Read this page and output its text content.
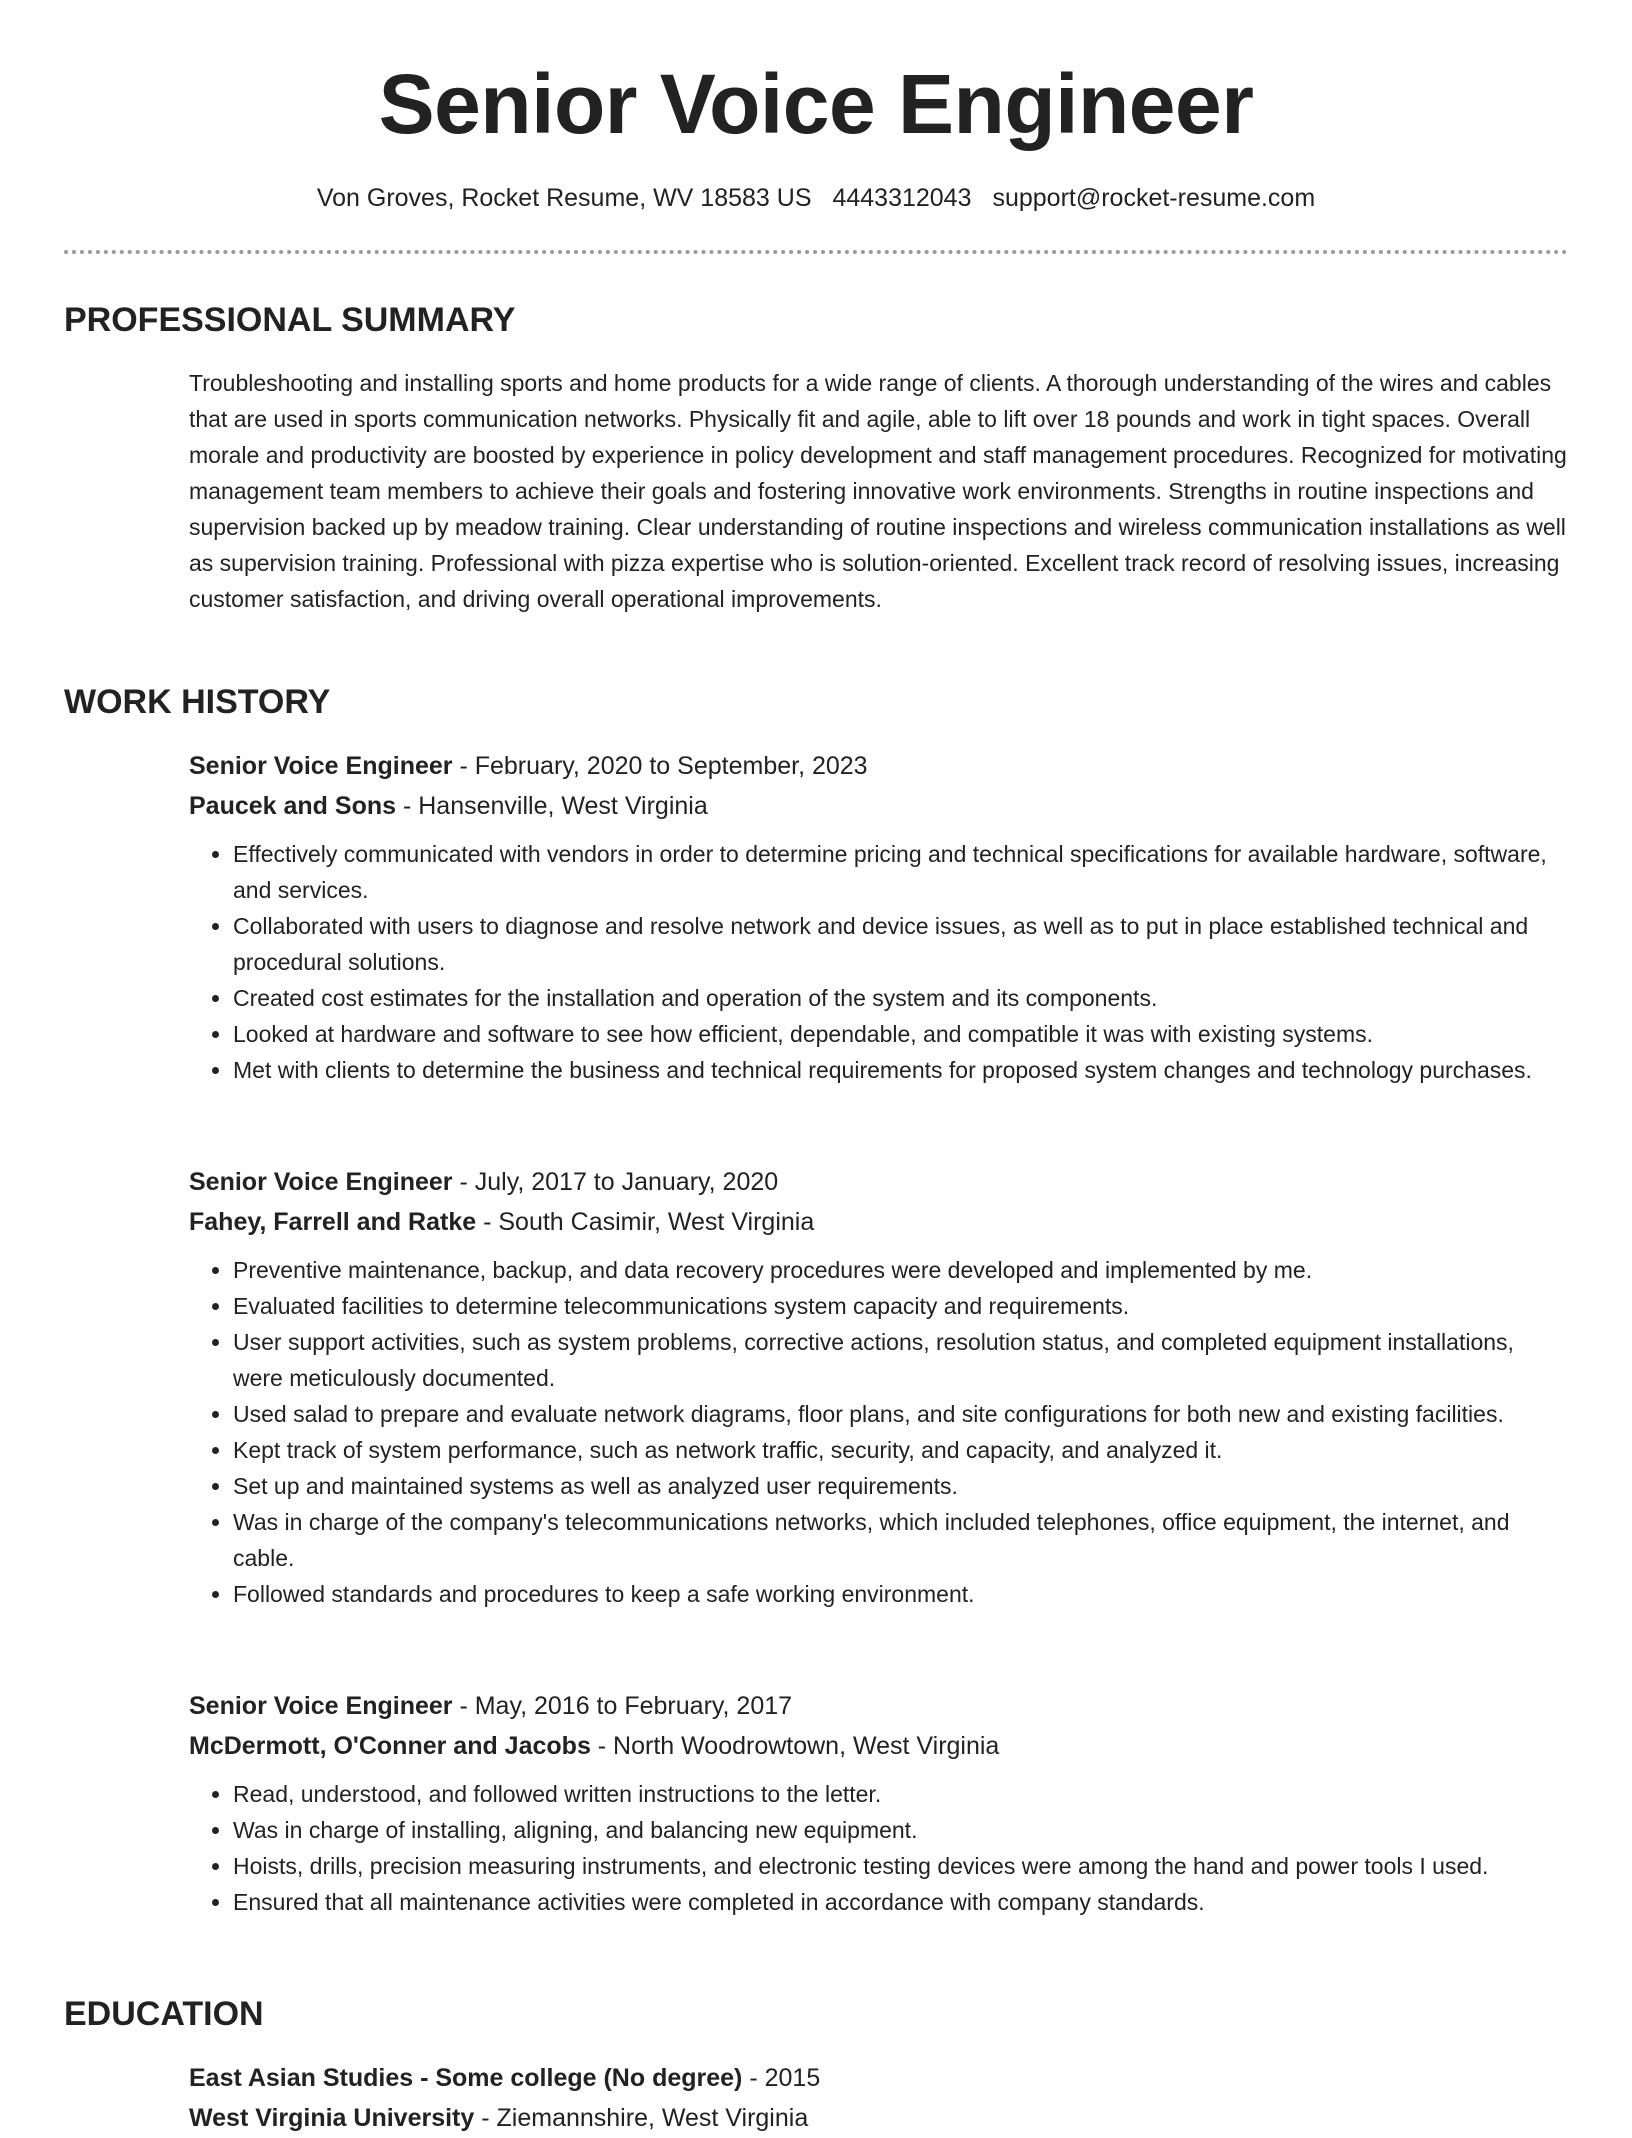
Senior Voice Engineer
Von Groves, Rocket Resume, WV 18583 US 4443312043 support@rocket-resume.com
PROFESSIONAL SUMMARY

Troubleshooting and installing sports and home products for a wide range of clients. A thorough understanding of the wires and cables that are used in sports communication networks. Physically fit and agile, able to lift over 18 pounds and work in tight spaces. Overall morale and productivity are boosted by experience in policy development and staff management procedures. Recognized for motivating management team members to achieve their goals and fostering innovative work environments. Strengths in routine inspections and supervision backed up by meadow training. Clear understanding of routine inspections and wireless communication installations as well as supervision training. Professional with pizza expertise who is solution-oriented. Excellent track record of resolving issues, increasing customer satisfaction, and driving overall operational improvements.

WORK HISTORY

Senior Voice Engineer - February, 2020 to September, 2023

Paucek and Sons - Hansenville, West Virginia

• Effectively communicated with vendors in order to determine pricing and technical specifications for available hardware, software, and services.
• Collaborated with users to diagnose and resolve network and device issues, as well as to put in place established technical and procedural solutions.
• Created cost estimates for the installation and operation of the system and its components.
• Looked at hardware and software to see how efficient, dependable, and compatible it was with existing systems.
• Met with clients to determine the business and technical requirements for proposed system changes and technology purchases.

Senior Voice Engineer - July, 2017 to January, 2020

Fahey, Farrell and Ratke - South Casimir, West Virginia

• Preventive maintenance, backup, and data recovery procedures were developed and implemented by me.
• Evaluated facilities to determine telecommunications system capacity and requirements.
• User support activities, such as system problems, corrective actions, resolution status, and completed equipment installations, were meticulously documented.
• Used salad to prepare and evaluate network diagrams, floor plans, and site configurations for both new and existing facilities.
• Kept track of system performance, such as network traffic, security, and capacity, and analyzed it.
• Set up and maintained systems as well as analyzed user requirements.
• Was in charge of the company's telecommunications networks, which included telephones, office equipment, the internet, and cable.
• Followed standards and procedures to keep a safe working environment.

Senior Voice Engineer - May, 2016 to February, 2017

McDermott, O'Conner and Jacobs - North Woodrowtown, West Virginia

• Read, understood, and followed written instructions to the letter.
• Was in charge of installing, aligning, and balancing new equipment.
• Hoists, drills, precision measuring instruments, and electronic testing devices were among the hand and power tools I used.
• Ensured that all maintenance activities were completed in accordance with company standards.
EDUCATION

East Asian Studies - Some college (No degree) - 2015

West Virginia University - Ziemannshire, West Virginia
